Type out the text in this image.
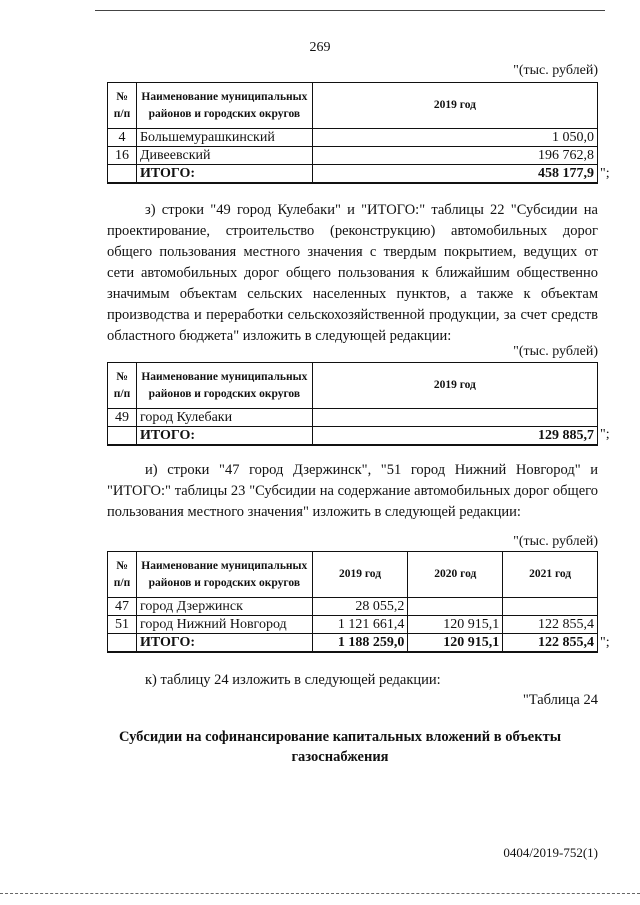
269
"(тыс. рублей)
№ п/п	Наименование муниципальных районов и городских округов	2019 год
4	Большемурашкинский	1 050,0
16	Дивеевский	196 762,8
	ИТОГО:	458 177,9 ";
з) строки "49 город Кулебаки" и "ИТОГО:" таблицы 22 "Субсидии на проектирование, строительство (реконструкцию) автомобильных дорог общего пользования местного значения с твердым покрытием, ведущих от сети автомобильных дорог общего пользования к ближайшим общественно значимым объектам сельских населенных пунктов, а также к объектам производства и переработки сельскохозяйственной продукции, за счет средств областного бюджета" изложить в следующей редакции:
"(тыс. рублей)
№ п/п	Наименование муниципальных районов и городских округов	2019 год
49	город Кулебаки	
	ИТОГО:	129 885,7 ";
и) строки "47 город Дзержинск", "51 город Нижний Новгород" и "ИТОГО:" таблицы 23 "Субсидии на содержание автомобильных дорог общего пользования местного значения" изложить в следующей редакции:
"(тыс. рублей)
№ п/п	Наименование муниципальных районов и городских округов	2019 год	2020 год	2021 год
47	город Дзержинск	28 055,2		
51	город Нижний Новгород	1 121 661,4	120 915,1	122 855,4
	ИТОГО:	1 188 259,0	120 915,1	122 855,4 ";
к) таблицу 24 изложить в следующей редакции:
"Таблица 24
Субсидии на софинансирование капитальных вложений в объекты газоснабжения
0404/2019-752(1)
